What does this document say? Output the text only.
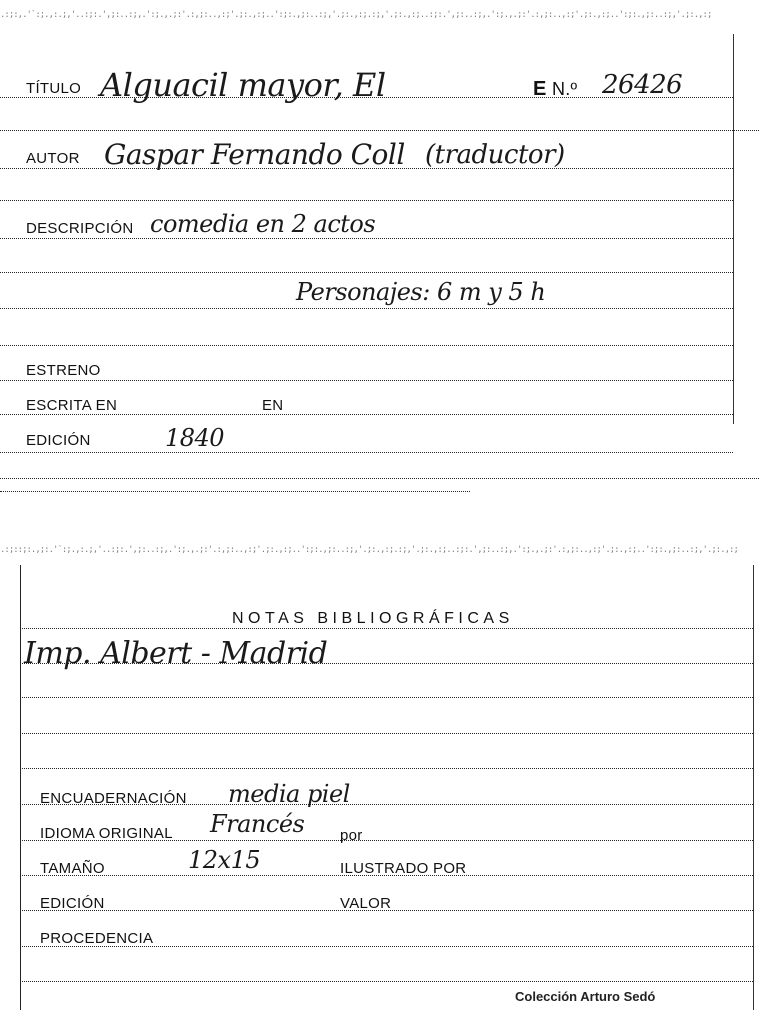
.:;:,.'`:;.,:.;,'..:;:.',;:..:;,.':;.,.;:'.:,;:..,:;'.;:.,:;..':;:.,;:..:;,'.;:.,:;.:;,'.;:.,:;..:;:.',;:..:;,.':;.,.;:'.:,;:..,:;'.;:.,:;..':;:.,;:..:;,'.;:.,:;
.:;::;:.,;:.'`:;.,:.;,'..:;:.',;:..:;,.':;.,.;:'.:,;:..,:;'.;:.,:;..':;:.,;:..:;,'.;:.,:;.:;,'.;:.,:;..:;:.',;:..:;,.':;.,.;:'.:,;:..,:;'.;:.,:;..':;:.,;:..:;,'.;:.,:;
TÍTULO Alguacil mayor, El	E N.º 26426
AUTOR Gaspar Fernando Coll (traductor)
DESCRIPCIÓN comedia en 2 actos
Personajes: 6 m y 5 h
ESTRENO
ESCRITA EN	EN
EDICIÓN	1840
NOTAS BIBLIOGRÁFICAS
Imp. Albert - Madrid
ENCUADERNACIÓN media piel
IDIOMA ORIGINAL Francés por
TAMAÑO	12x15	ILUSTRADO POR
EDICIÓN	VALOR
PROCEDENCIA
Colección Arturo Sedó
